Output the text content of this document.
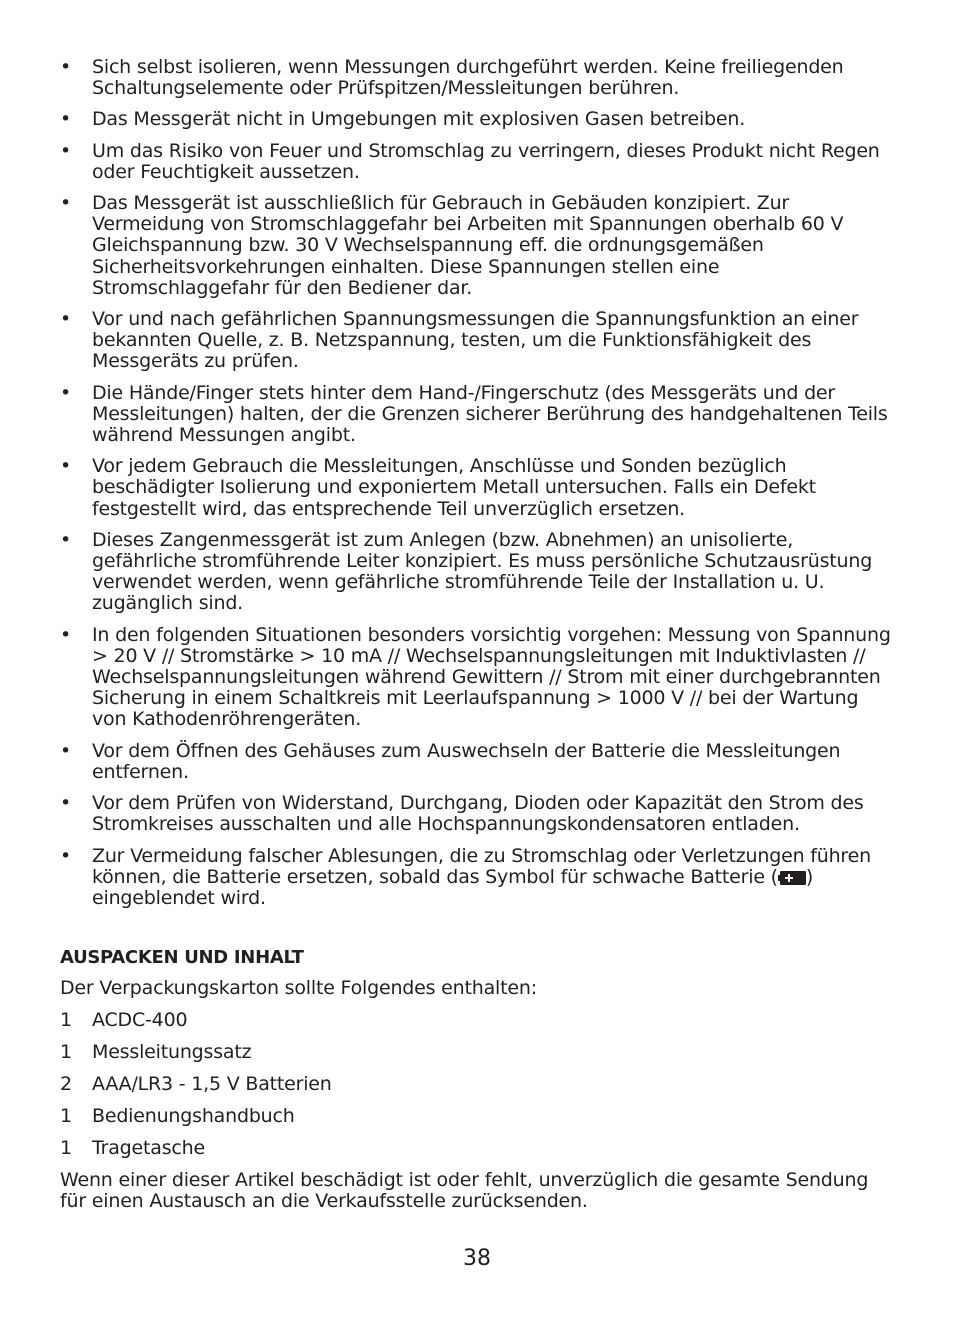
•	Sich selbst isolieren, wenn Messungen durchgeführt werden. Keine freiliegenden Schaltungselemente oder Prüfspitzen/Messleitungen berühren.
•	Das Messgerät nicht in Umgebungen mit explosiven Gasen betreiben.
•	Um das Risiko von Feuer und Stromschlag zu verringern, dieses Produkt nicht Regen oder Feuchtigkeit aussetzen.
•	Das Messgerät ist ausschließlich für Gebrauch in Gebäuden konzipiert. Zur Vermeidung von Stromschlaggefahr bei Arbeiten mit Spannungen oberhalb 60 V Gleichspannung bzw. 30 V Wechselspannung eff. die ordnungsgemäßen Sicherheitsvorkehrungen einhalten. Diese Spannungen stellen eine Stromschlaggefahr für den Bediener dar.
•	Vor und nach gefährlichen Spannungsmessungen die Spannungsfunktion an einer bekannten Quelle, z. B. Netzspannung, testen, um die Funktionsfähigkeit des Messgeräts zu prüfen.
•	Die Hände/Finger stets hinter dem Hand-/Fingerschutz (des Messgeräts und der Messleitungen) halten, der die Grenzen sicherer Berührung des handgehaltenen Teils während Messungen angibt.
•	Vor jedem Gebrauch die Messleitungen, Anschlüsse und Sonden bezüglich beschädigter Isolierung und exponiertem Metall untersuchen. Falls ein Defekt festgestellt wird, das entsprechende Teil unverzüglich ersetzen.
•	Dieses Zangenmessgerät ist zum Anlegen (bzw. Abnehmen) an unisolierte, gefährliche stromführende Leiter konzipiert. Es muss persönliche Schutzausrüstung verwendet werden, wenn gefährliche stromführende Teile der Installation u. U. zugänglich sind.
•	In den folgenden Situationen besonders vorsichtig vorgehen: Messung von Spannung > 20 V // Stromstärke > 10 mA // Wechselspannungsleitungen mit Induktivlasten // Wechselspannungsleitungen während Gewittern // Strom mit einer durchgebrannten Sicherung in einem Schaltkreis mit Leerlaufspannung > 1000 V // bei der Wartung von Kathodenröhrengeräten.
•	Vor dem Öffnen des Gehäuses zum Auswechseln der Batterie die Messleitungen entfernen.
•	Vor dem Prüfen von Widerstand, Durchgang, Dioden oder Kapazität den Strom des Stromkreises ausschalten und alle Hochspannungskondensatoren entladen.
•	Zur Vermeidung falscher Ablesungen, die zu Stromschlag oder Verletzungen führen können, die Batterie ersetzen, sobald das Symbol für schwache Batterie ( ) eingeblendet wird.
AUSPACKEN UND INHALT
Der Verpackungskarton sollte Folgendes enthalten:
1 ACDC-400
1 Messleitungssatz
2 AAA/LR3 - 1,5 V Batterien
1 Bedienungshandbuch
1 Tragetasche

Wenn einer dieser Artikel beschädigt ist oder fehlt, unverzüglich die gesamte Sendung für einen Austausch an die Verkaufsstelle zurücksenden.

38
